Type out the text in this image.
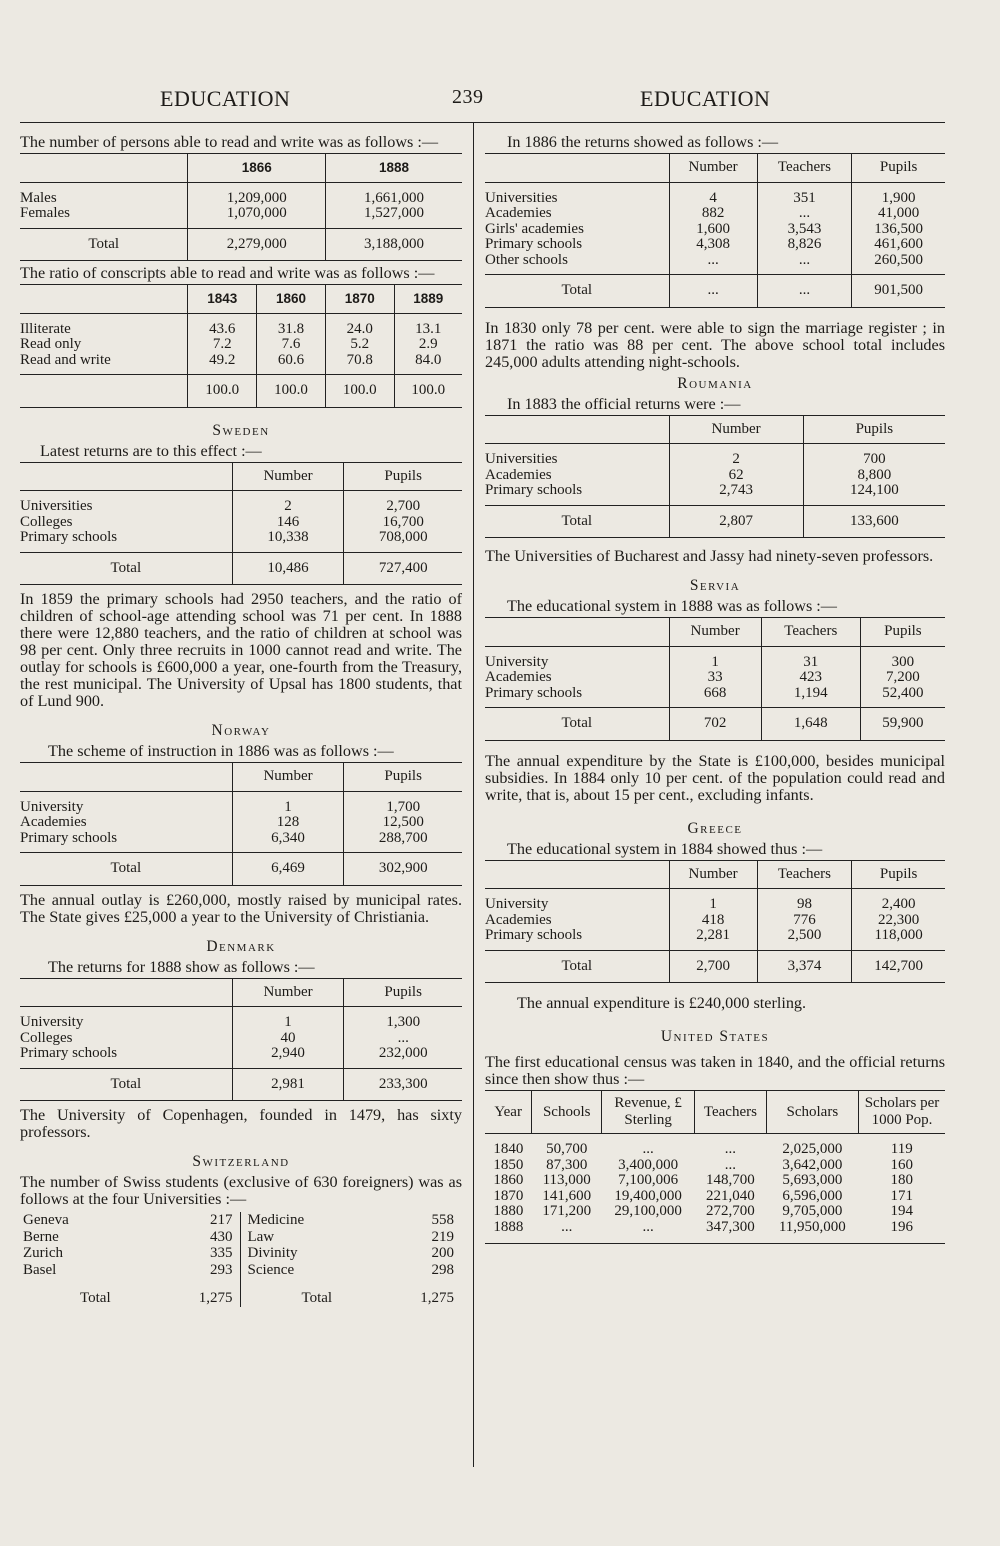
EDUCATION	239	EDUCATION

The number of persons able to read and write was as follows :—

	1866	1888
Males	1,209,000	1,661,000
Females	1,070,000	1,527,000
Total	2,279,000	3,188,000

The ratio of conscripts able to read and write was as follows :—

	1843	1860	1870	1889
Illiterate	43.6	31.8	24.0	13.1
Read only	7.2	7.6	5.2	2.9
Read and write	49.2	60.6	70.8	84.0
	100.0	100.0	100.0	100.0
Sweden

Latest returns are to this effect :—

	Number	Pupils
Universities	2	2,700
Colleges	146	16,700
Primary schools	10,338	708,000
Total	10,486	727,400

In 1859 the primary schools had 2950 teachers, and the ratio of children of school-age attending school was 71 per cent. In 1888 there were 12,880 teachers, and the ratio of children at school was 98 per cent. Only three recruits in 1000 cannot read and write. The outlay for schools is £600,000 a year, one-fourth from the Treasury, the rest municipal. The University of Upsal has 1800 students, that of Lund 900.

Norway

The scheme of instruction in 1886 was as follows :—

	Number	Pupils
University	1	1,700
Academies	128	12,500
Primary schools	6,340	288,700
Total	6,469	302,900

The annual outlay is £260,000, mostly raised by municipal rates. The State gives £25,000 a year to the University of Christiania.

Denmark

The returns for 1888 show as follows :—

	Number	Pupils
University	1	1,300
Colleges	40	...
Primary schools	2,940	232,000
Total	2,981	233,300

The University of Copenhagen, founded in 1479, has sixty professors.

Switzerland

The number of Swiss students (exclusive of 630 foreigners) was as follows at the four Universities :—

Geneva	217	Medicine	558
Berne	430	Law	219
Zurich	335	Divinity	200
Basel	293	Science	298
Total	1,275	Total	1,275

In 1886 the returns showed as follows :—

	Number	Teachers	Pupils
Universities	4	351	1,900
Academies	882	...	41,000
Girls' academies	1,600	3,543	136,500
Primary schools	4,308	8,826	461,600
Other schools	...	...	260,500
Total	...	...	901,500

In 1830 only 78 per cent. were able to sign the marriage register ; in 1871 the ratio was 88 per cent. The above school total includes 245,000 adults attending night-schools.

Roumania

In 1883 the official returns were :—

	Number	Pupils
Universities	2	700
Academies	62	8,800
Primary schools	2,743	124,100
Total	2,807	133,600

The Universities of Bucharest and Jassy had ninety-seven professors.

Servia

The educational system in 1888 was as follows :—

	Number	Teachers	Pupils
University	1	31	300
Academies	33	423	7,200
Primary schools	668	1,194	52,400
Total	702	1,648	59,900

The annual expenditure by the State is £100,000, besides municipal subsidies. In 1884 only 10 per cent. of the population could read and write, that is, about 15 per cent., excluding infants.

Greece

The educational system in 1884 showed thus :—

	Number	Teachers	Pupils
University	1	98	2,400
Academies	418	776	22,300
Primary schools	2,281	2,500	118,000
Total	2,700	3,374	142,700

The annual expenditure is £240,000 sterling.

United States

The first educational census was taken in 1840, and the official returns since then show thus :—

Year	Schools	Revenue, £ Sterling	Teachers	Scholars	Scholars per 1000 Pop.
1840	50,700	...	...	2,025,000	119
1850	87,300	3,400,000	...	3,642,000	160
1860	113,000	7,100,006	148,700	5,693,000	180
1870	141,600	19,400,000	221,040	6,596,000	171
1880	171,200	29,100,000	272,700	9,705,000	194
1888	...	...	347,300	11,950,000	196
